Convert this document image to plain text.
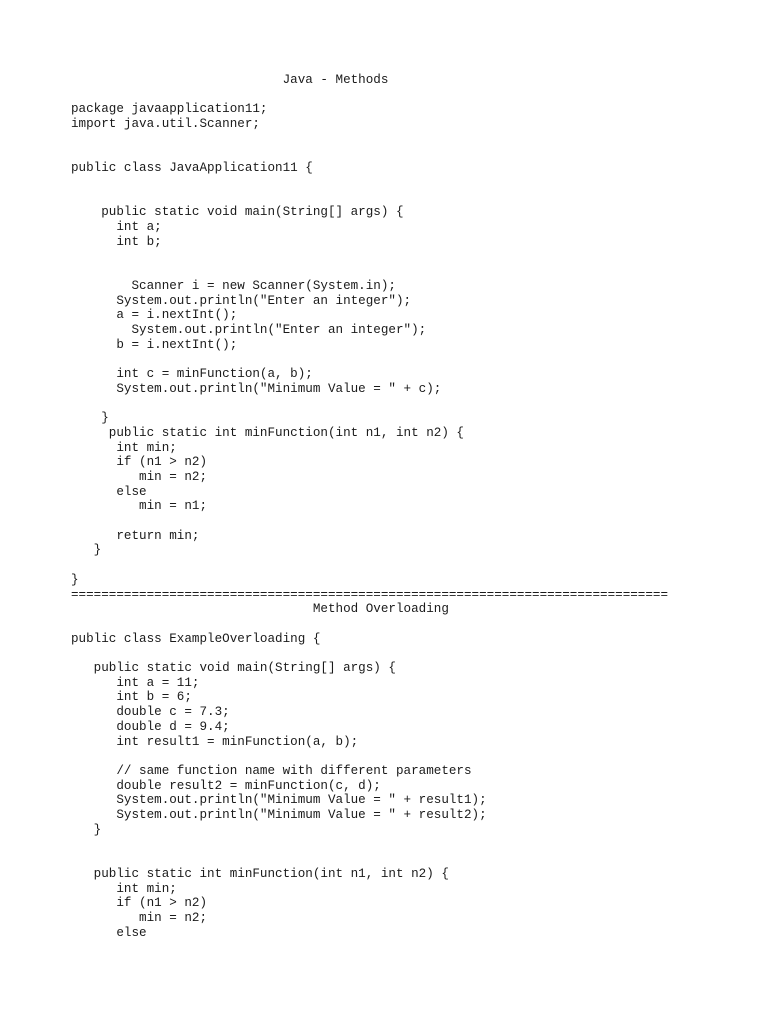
Java - Methods
package javaapplication11;
import java.util.Scanner;
public class JavaApplication11 {
public static void main(String[] args) {
int a;
int b;
Scanner i = new Scanner(System.in);
System.out.println("Enter an integer");
a = i.nextInt();
System.out.println("Enter an integer");
b = i.nextInt();
int c = minFunction(a, b);
System.out.println("Minimum Value = " + c);
}
public static int minFunction(int n1, int n2) {
int min;
if (n1 > n2)
min = n2;
else
min = n1;
return min;
}
}
===============================================================================
Method Overloading
public class ExampleOverloading {
public static void main(String[] args) {
int a = 11;
int b = 6;
double c = 7.3;
double d = 9.4;
int result1 = minFunction(a, b);
// same function name with different parameters
double result2 = minFunction(c, d);
System.out.println("Minimum Value = " + result1);
System.out.println("Minimum Value = " + result2);
}
public static int minFunction(int n1, int n2) {
int min;
if (n1 > n2)
min = n2;
else
